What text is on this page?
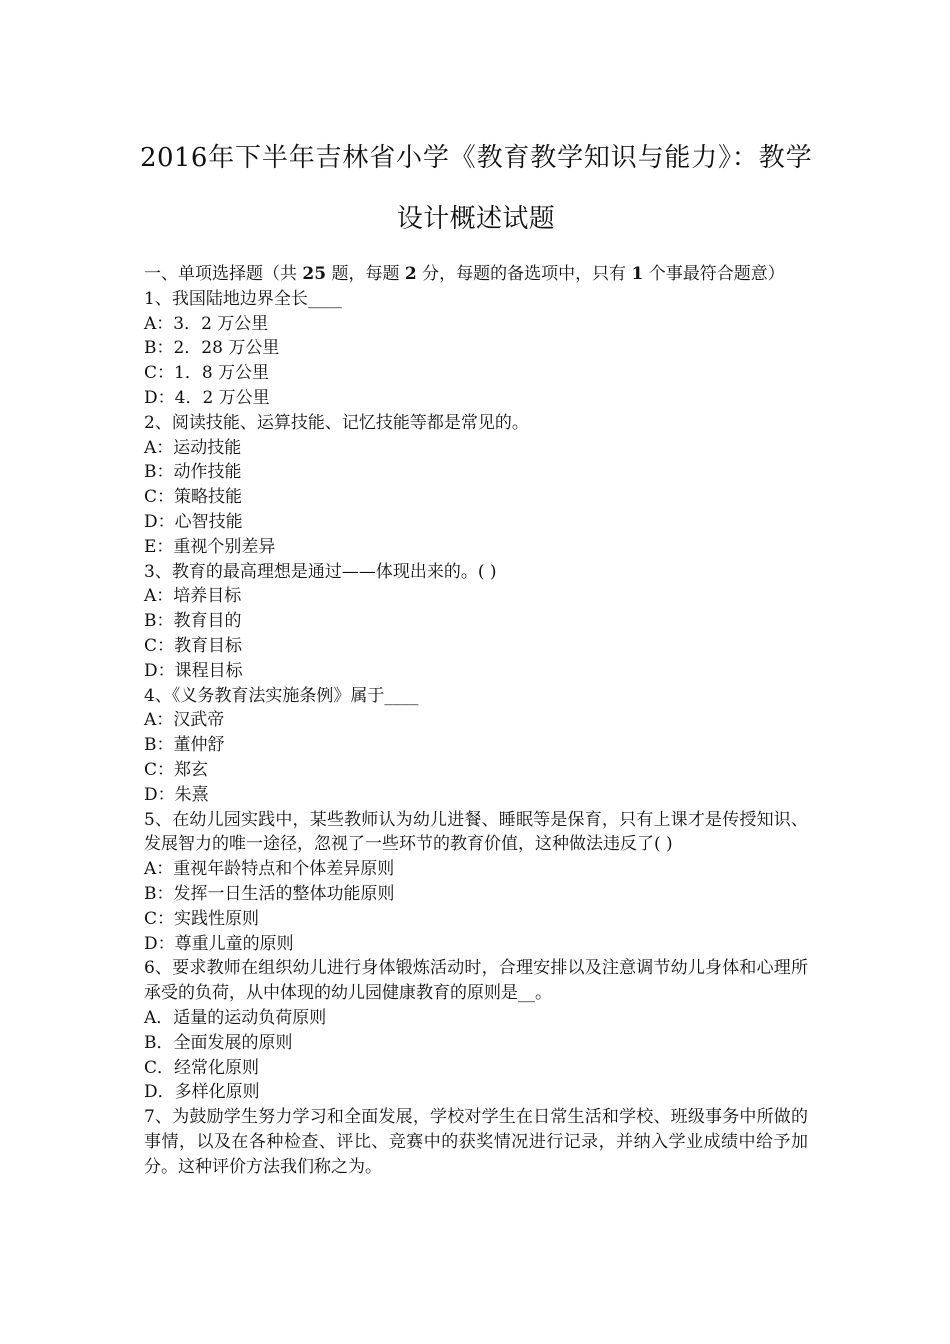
2016年下半年吉林省小学《教育教学知识与能力》：教学设计概述试题
一、单项选择题（共 25 题，每题 2 分，每题的备选项中，只有 1 个事最符合题意）
1、我国陆地边界全长____
A：3．2 万公里
B：2．28 万公里
C：1．8 万公里
D：4．2 万公里
2、阅读技能、运算技能、记忆技能等都是常见的。
A：运动技能
B：动作技能
C：策略技能
D：心智技能
E：重视个别差异
3、教育的最高理想是通过——体现出来的。( )
A：培养目标
B：教育目的
C：教育目标
D：课程目标
4、《义务教育法实施条例》属于____
A：汉武帝
B：董仲舒
C：郑玄
D：朱熹
5、在幼儿园实践中，某些教师认为幼儿进餐、睡眠等是保育，只有上课才是传授知识、发展智力的唯一途径，忽视了一些环节的教育价值，这种做法违反了( )
A：重视年龄特点和个体差异原则
B：发挥一日生活的整体功能原则
C：实践性原则
D：尊重儿童的原则
6、要求教师在组织幼儿进行身体锻炼活动时，合理安排以及注意调节幼儿身体和心理所承受的负荷，从中体现的幼儿园健康教育的原则是__。
A．适量的运动负荷原则
B．全面发展的原则
C．经常化原则
D．多样化原则
7、为鼓励学生努力学习和全面发展，学校对学生在日常生活和学校、班级事务中所做的事情，以及在各种检查、评比、竞赛中的获奖情况进行记录，并纳入学业成绩中给予加分。这种评价方法我们称之为。
